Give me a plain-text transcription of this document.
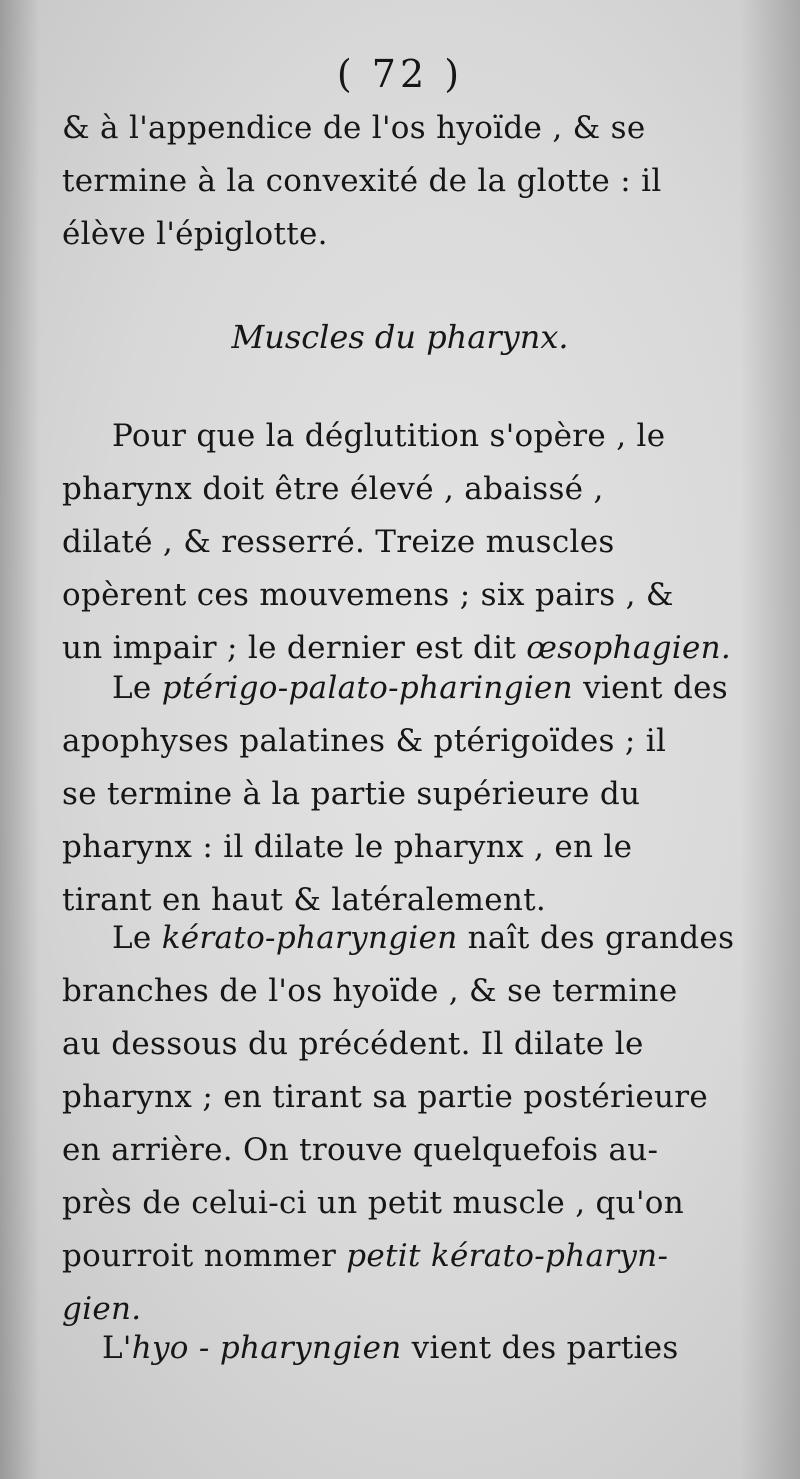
( 72 )
& à l'appendice de l'os hyoïde , & se
termine à la convexité de la glotte : il
élève l'épiglotte.
Muscles du pharynx.
Pour que la déglutition s'opère , le
pharynx doit être élevé , abaissé ,
dilaté , & resserré. Treize muscles
opèrent ces mouvemens ; six pairs , &
un impair ; le dernier est dit œsophagien.
Le ptérigo-palato-pharingien vient des
apophyses palatines & ptérigoïdes ; il
se termine à la partie supérieure du
pharynx : il dilate le pharynx , en le
tirant en haut & latéralement.
Le kérato-pharyngien naît des grandes
branches de l'os hyoïde , & se termine
au dessous du précédent. Il dilate le
pharynx ; en tirant sa partie postérieure
en arrière. On trouve quelquefois au-
près de celui-ci un petit muscle , qu'on
pourroit nommer petit kérato-pharyn-
gien.
L'hyo - pharyngien vient des parties
